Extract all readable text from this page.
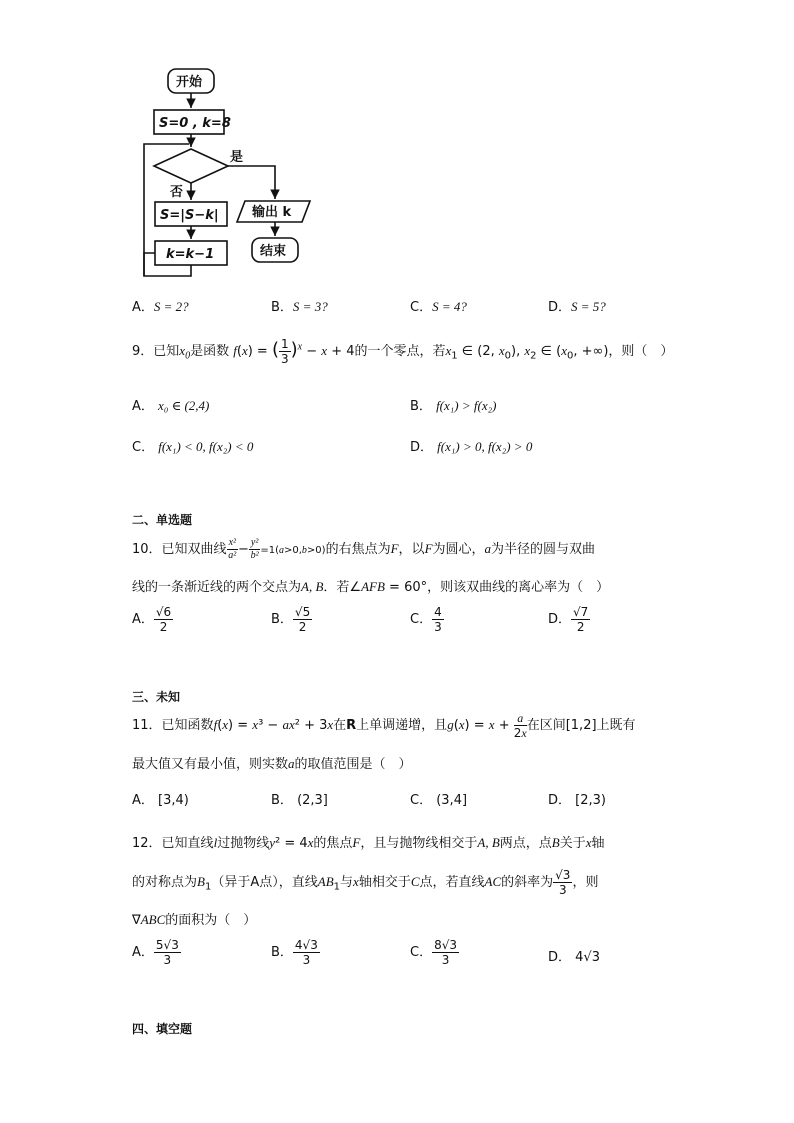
开始
S=0 , k=8
是
否
S=|S−k|
k=k−1
输出 k
结束
A．S = 2?	B．S = 3?	C．S = 4?	D．S = 5?
9．已知$x_0$是函数 f(x) = ( $\frac{1}{3} )^x - x + 4$的一个零点，若$x_1$ ∈ (2, $x_0$), $x_2$ ∈ ($x_0$, +∞)，则（　）
A． x₀ ∈ (2,4)	B． f(x₁) > f(x₂)
C． f(x₁) < 0, f(x₂) < 0	D． f(x₁) > 0, f(x₂) > 0
二、单选题
10．已知双曲线 $\frac{\text{x²}}{\text{a²}} - \frac{\text{y²}}{\text{b²}} =1(a>0,b>0)$的右焦点为F，以F为圆心，a为半径的圆与双曲
线的一条渐近线的两个交点为A, B．若∠AFB = 60°，则该双曲线的离心率为（　）
A． $\frac{√6}{2}$	B． $\frac{√5}{2}$	C． $\frac{4}{3}$	D． $\frac{√7}{2}$
三、未知
11．已知函数f(x) = x³ − ax² + 3x在R上单调递增，且$g(x) = x + \frac{a}{2x}$ 在区间[1,2]上既有
最大值又有最小值，则实数a的取值范围是（　）
A． [3,4)	B． (2,3]	C． (3,4]	D． [2,3)
12．已知直线l过抛物线y² = 4x的焦点F，且与抛物线相交于A, B两点，点B关于x轴
的对称点为$B_1$（异于A点），直线$AB_1$与x轴相交于C点，若直线AC的斜率为 $\frac{√3}{3}$ ，则
∇ABC的面积为（　）
A． $\frac{5√3}{3}$	B． $\frac{4√3}{3}$	C． $\frac{8√3}{3}$	D． 4√3
四、填空题
